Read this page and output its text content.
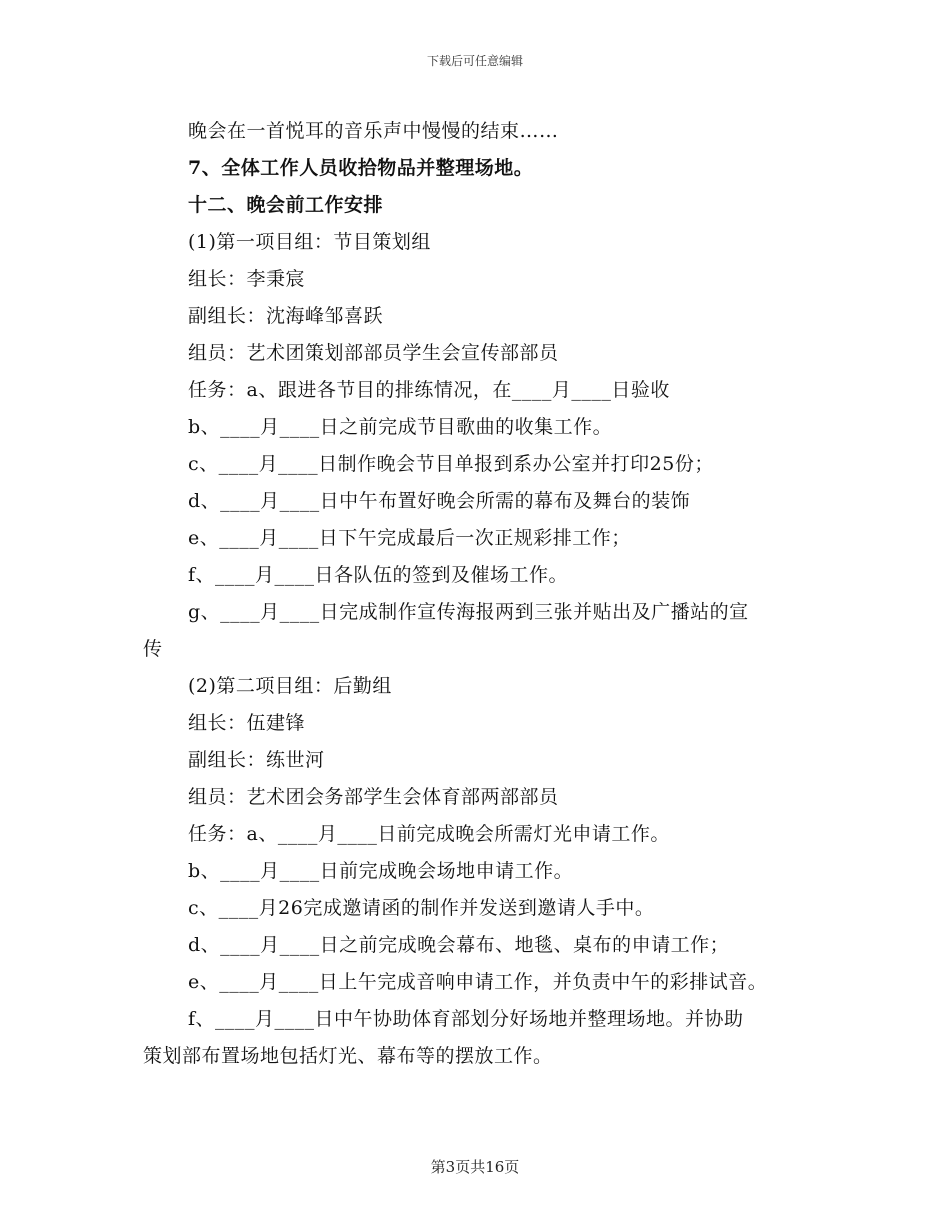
下载后可任意编辑
晚会在一首悦耳的音乐声中慢慢的结束……
7、全体工作人员收拾物品并整理场地。
十二、晚会前工作安排
(1)第一项目组：节目策划组
组长：李秉宸
副组长：沈海峰邹喜跃
组员：艺术团策划部部员学生会宣传部部员
任务：a、跟进各节目的排练情况，在____月____日验收
b、____月____日之前完成节目歌曲的收集工作。
c、____月____日制作晚会节目单报到系办公室并打印25份；
d、____月____日中午布置好晚会所需的幕布及舞台的装饰
e、____月____日下午完成最后一次正规彩排工作；
f、____月____日各队伍的签到及催场工作。
g、____月____日完成制作宣传海报两到三张并贴出及广播站的宣
传
(2)第二项目组：后勤组
组长：伍建锋
副组长：练世河
组员：艺术团会务部学生会体育部两部部员
任务：a、____月____日前完成晚会所需灯光申请工作。
b、____月____日前完成晚会场地申请工作。
c、____月26完成邀请函的制作并发送到邀请人手中。
d、____月____日之前完成晚会幕布、地毯、桌布的申请工作；
e、____月____日上午完成音响申请工作，并负责中午的彩排试音。
f、____月____日中午协助体育部划分好场地并整理场地。并协助
策划部布置场地包括灯光、幕布等的摆放工作。
第3页共16页
